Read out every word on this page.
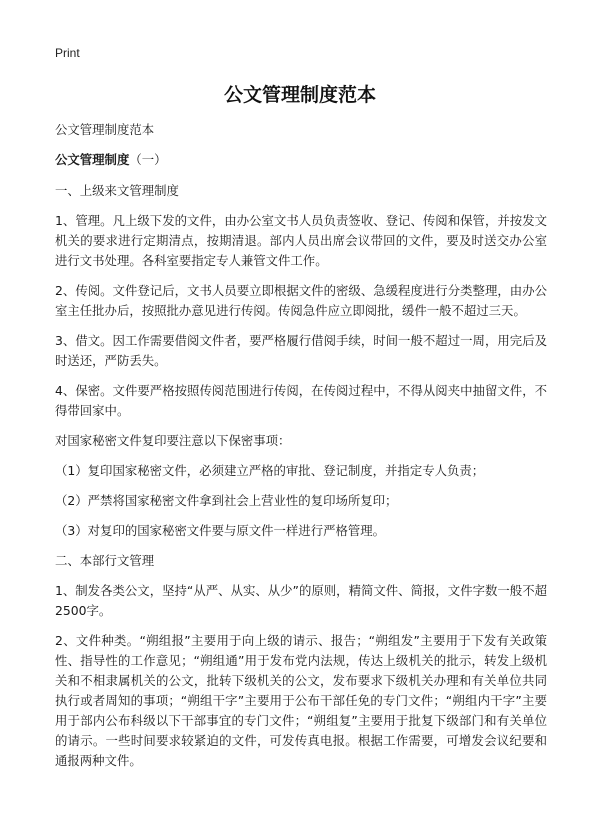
Print
公文管理制度范本

公文管理制度范本

公文管理制度（一）

一、上级来文管理制度

1、管理。凡上级下发的文件，由办公室文书人员负责签收、登记、传阅和保管，并按发文机关的要求进行定期清点，按期清退。部内人员出席会议带回的文件，要及时送交办公室进行文书处理。各科室要指定专人兼管文件工作。

2、传阅。文件登记后，文书人员要立即根据文件的密级、急缓程度进行分类整理，由办公室主任批办后，按照批办意见进行传阅。传阅急件应立即阅批，缓件一般不超过三天。

3、借文。因工作需要借阅文件者，要严格履行借阅手续，时间一般不超过一周，用完后及时送还，严防丢失。

4、保密。文件要严格按照传阅范围进行传阅，在传阅过程中，不得从阅夹中抽留文件，不得带回家中。

对国家秘密文件复印要注意以下保密事项：

（1）复印国家秘密文件，必须建立严格的审批、登记制度，并指定专人负责；

（2）严禁将国家秘密文件拿到社会上营业性的复印场所复印；

（3）对复印的国家秘密文件要与原文件一样进行严格管理。

二、本部行文管理

1、制发各类公文，坚持“从严、从实、从少”的原则，精简文件、简报，文件字数一般不超2500字。

2、文件种类。“朔组报”主要用于向上级的请示、报告；“朔组发”主要用于下发有关政策性、指导性的工作意见；“朔组通”用于发布党内法规，传达上级机关的批示，转发上级机关和不相隶属机关的公文，批转下级机关的公文，发布要求下级机关办理和有关单位共同执行或者周知的事项；“朔组干字”主要用于公布干部任免的专门文件；“朔组内干字”主要用于部内公布科级以下干部事宜的专门文件；“朔组复”主要用于批复下级部门和有关单位的请示。一些时间要求较紧迫的文件，可发传真电报。根据工作需要，可增发会议纪要和通报两种文件。
